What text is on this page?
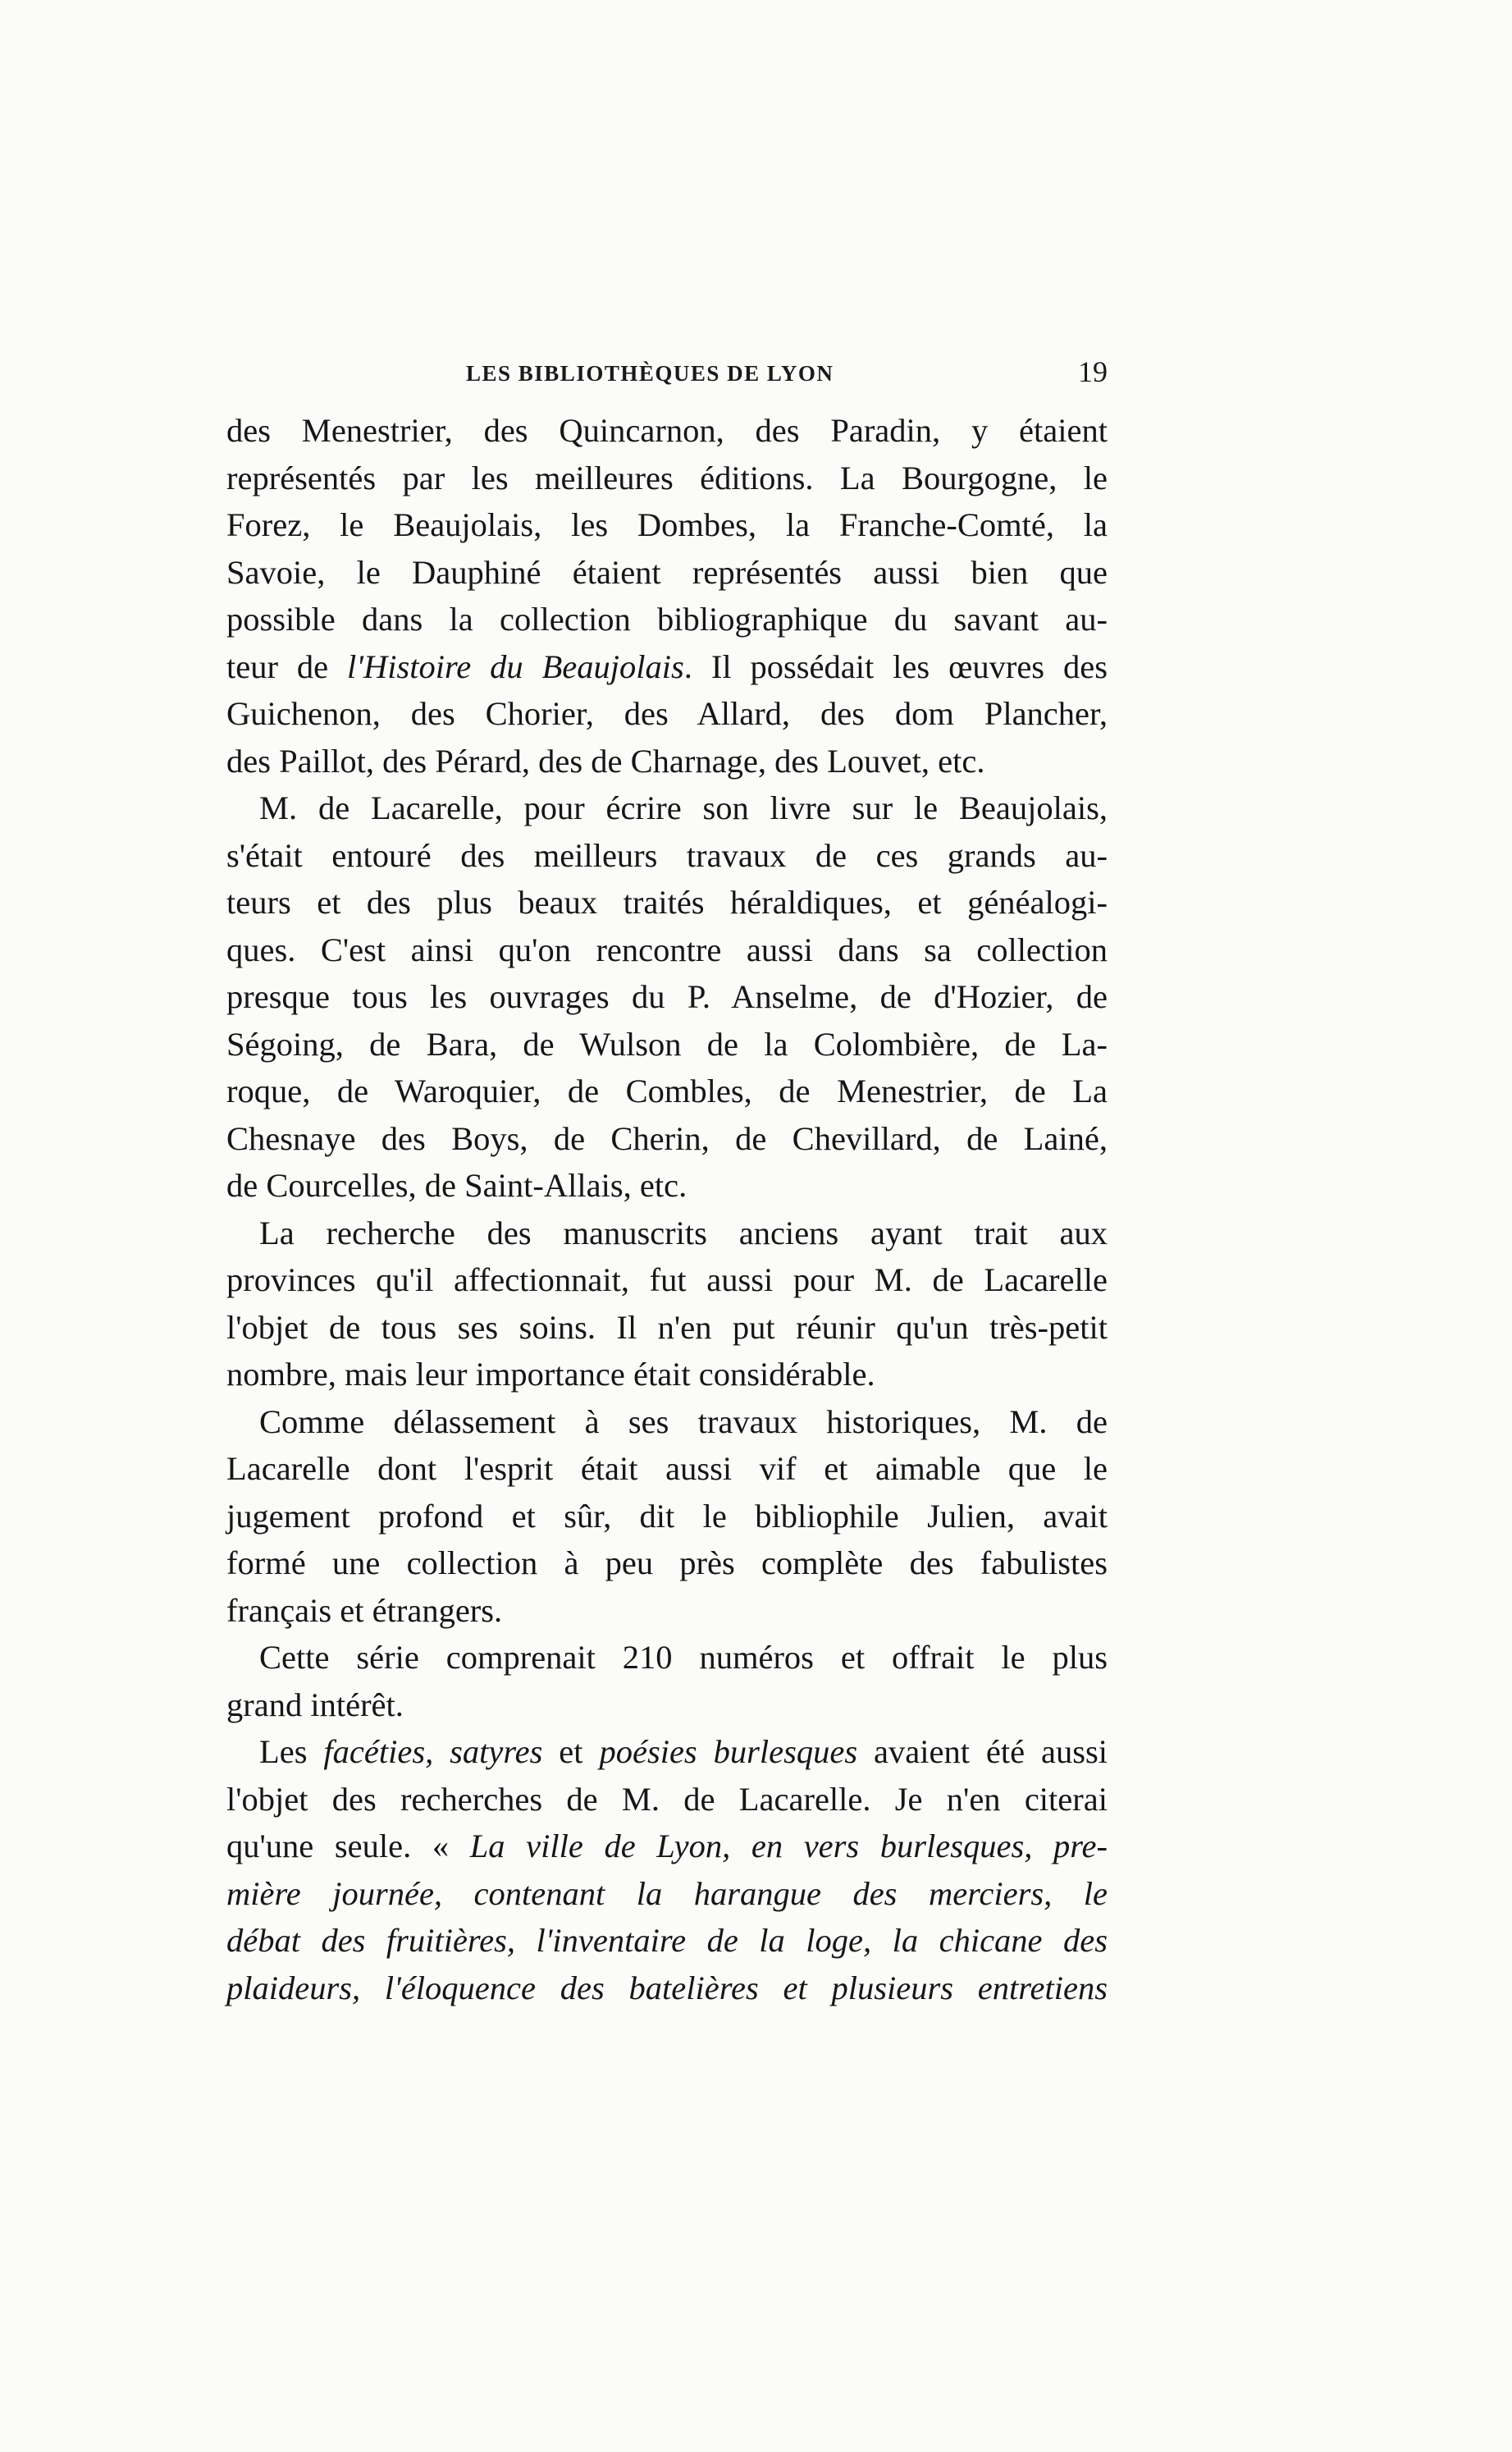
LES BIBLIOTHÈQUES DE LYON	19
des Menestrier, des Quincarnon, des Paradin, y étaient
représentés par les meilleures éditions. La Bourgogne, le
Forez, le Beaujolais, les Dombes, la Franche-Comté, la
Savoie, le Dauphiné étaient représentés aussi bien que
possible dans la collection bibliographique du savant au-
teur de l'Histoire du Beaujolais. Il possédait les œuvres des
Guichenon, des Chorier, des Allard, des dom Plancher,
des Paillot, des Pérard, des de Charnage, des Louvet, etc.
M. de Lacarelle, pour écrire son livre sur le Beaujolais,
s'était entouré des meilleurs travaux de ces grands au-
teurs et des plus beaux traités héraldiques, et généalogi-
ques. C'est ainsi qu'on rencontre aussi dans sa collection
presque tous les ouvrages du P. Anselme, de d'Hozier, de
Ségoing, de Bara, de Wulson de la Colombière, de La-
roque, de Waroquier, de Combles, de Menestrier, de La
Chesnaye des Boys, de Cherin, de Chevillard, de Lainé,
de Courcelles, de Saint-Allais, etc.
La recherche des manuscrits anciens ayant trait aux
provinces qu'il affectionnait, fut aussi pour M. de Lacarelle
l'objet de tous ses soins. Il n'en put réunir qu'un très-petit
nombre, mais leur importance était considérable.
Comme délassement à ses travaux historiques, M. de
Lacarelle dont l'esprit était aussi vif et aimable que le
jugement profond et sûr, dit le bibliophile Julien, avait
formé une collection à peu près complète des fabulistes
français et étrangers.
Cette série comprenait 210 numéros et offrait le plus
grand intérêt.
Les facéties, satyres et poésies burlesques avaient été aussi
l'objet des recherches de M. de Lacarelle. Je n'en citerai
qu'une seule. « La ville de Lyon, en vers burlesques, pre-
mière journée, contenant la harangue des merciers, le
débat des fruitières, l'inventaire de la loge, la chicane des
plaideurs, l'éloquence des batelières et plusieurs entretiens
